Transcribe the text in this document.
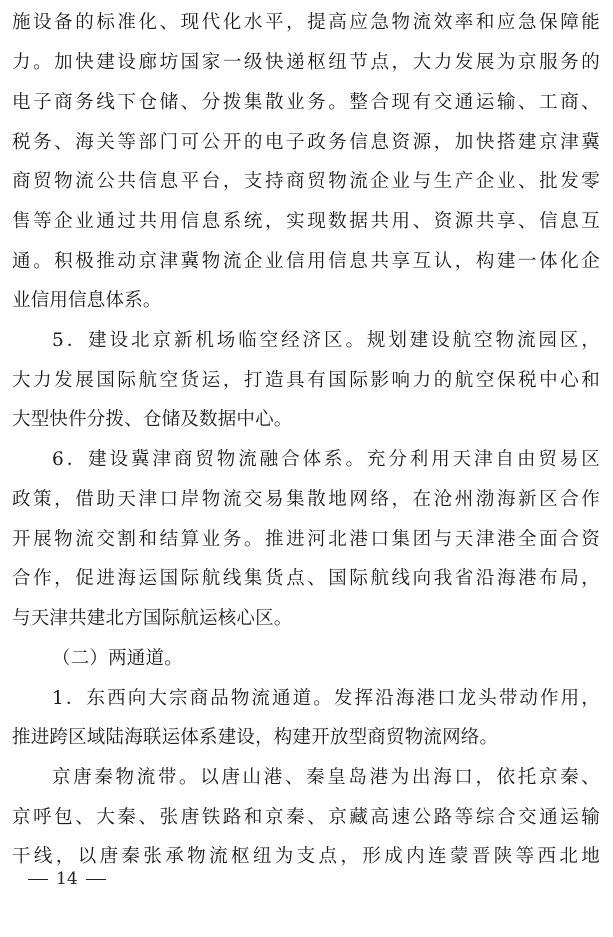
施设备的标准化、现代化水平，提高应急物流效率和应急保障能
力。加快建设廊坊国家一级快递枢纽节点，大力发展为京服务的
电子商务线下仓储、分拨集散业务。整合现有交通运输、工商、
税务、海关等部门可公开的电子政务信息资源，加快搭建京津冀
商贸物流公共信息平台，支持商贸物流企业与生产企业、批发零
售等企业通过共用信息系统，实现数据共用、资源共享、信息互
通。积极推动京津冀物流企业信用信息共享互认，构建一体化企
业信用信息体系。
5．建设北京新机场临空经济区。规划建设航空物流园区，
大力发展国际航空货运，打造具有国际影响力的航空保税中心和
大型快件分拨、仓储及数据中心。
6．建设冀津商贸物流融合体系。充分利用天津自由贸易区
政策，借助天津口岸物流交易集散地网络，在沧州渤海新区合作
开展物流交割和结算业务。推进河北港口集团与天津港全面合资
合作，促进海运国际航线集货点、国际航线向我省沿海港布局，
与天津共建北方国际航运核心区。
（二）两通道。
1．东西向大宗商品物流通道。发挥沿海港口龙头带动作用，
推进跨区域陆海联运体系建设，构建开放型商贸物流网络。
京唐秦物流带。以唐山港、秦皇岛港为出海口，依托京秦、
京呼包、大秦、张唐铁路和京秦、京藏高速公路等综合交通运输
干线，以唐秦张承物流枢纽为支点，形成内连蒙晋陕等西北地
14
